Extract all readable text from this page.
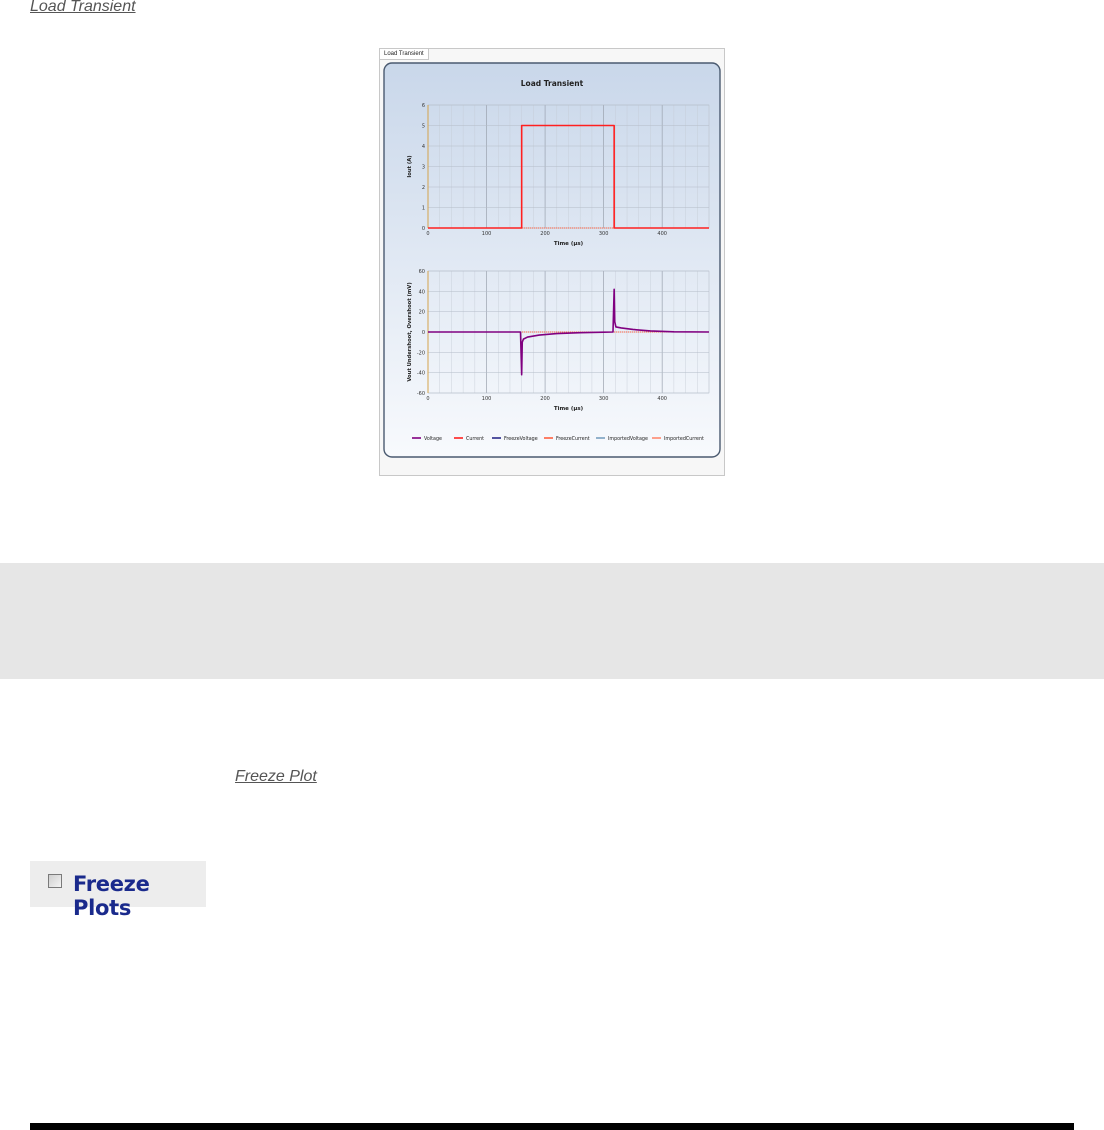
Load Transient
Load Transient
0
1
2
3
4
5
6
0	100	200	300	400
Time (µs)
Iout (A)
60
40
20
0
-20
-40
-60
0	100	200	300	400
Time (µs)
Vout Undershoot, Overshoot (mV)
Voltage	Current	FreezeVoltage	FreezeCurrent	ImportedVoltage	ImportedCurrent
Load Transient
Freeze Plot
Freeze Plots
